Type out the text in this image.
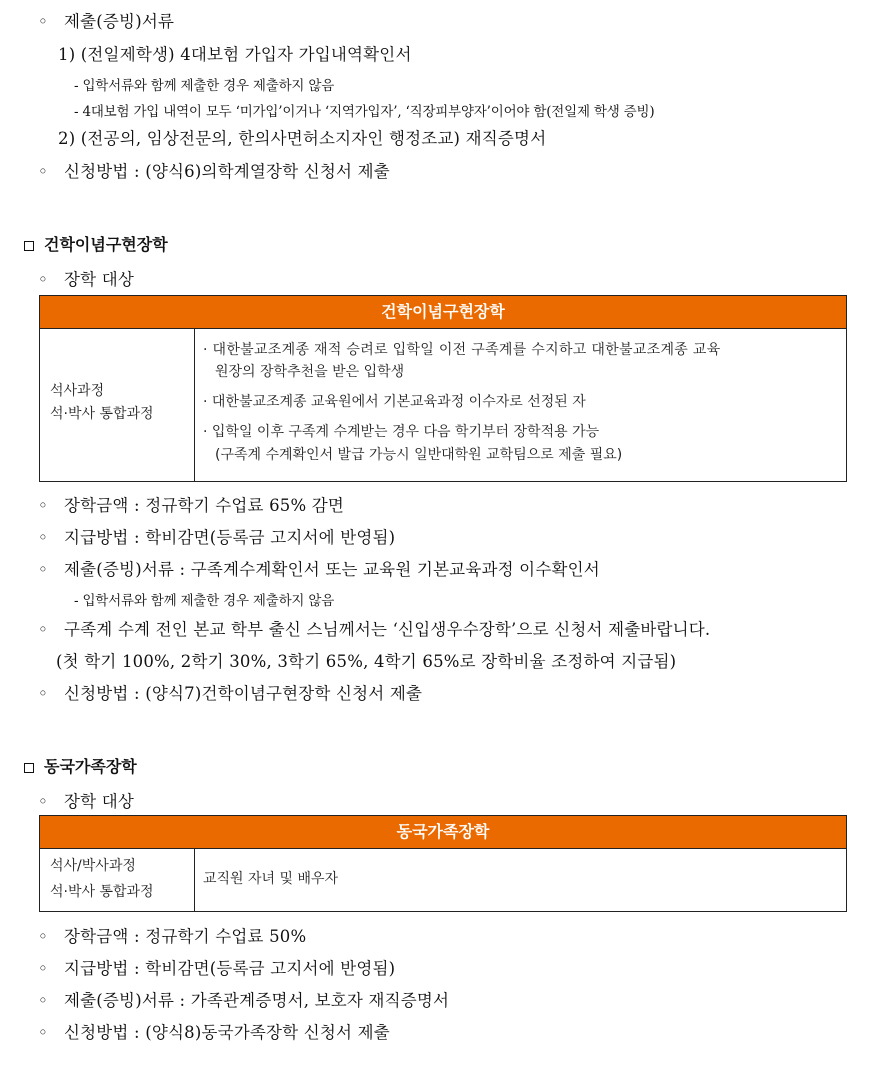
◦ 제출(증빙)서류
1) (전일제학생) 4대보험 가입자 가입내역확인서
- 입학서류와 함께 제출한 경우 제출하지 않음
- 4대보험 가입 내역이 모두 ‘미가입’이거나 ‘지역가입자’, ‘직장피부양자’이어야 함(전일제 학생 증빙)
2) (전공의, 임상전문의, 한의사면허소지자인 행정조교) 재직증명서
◦ 신청방법 : (양식6)의학계열장학 신청서 제출
건학이념구현장학
◦ 장학 대상
건학이념구현장학
석사과정
석·박사 통합과정
· 대한불교조계종 재적 승려로 입학일 이전 구족계를 수지하고 대한불교조계종 교육
원장의 장학추천을 받은 입학생
· 대한불교조계종 교육원에서 기본교육과정 이수자로 선정된 자
· 입학일 이후 구족계 수계받는 경우 다음 학기부터 장학적용 가능
(구족계 수계확인서 발급 가능시 일반대학원 교학팀으로 제출 필요)
◦ 장학금액 : 정규학기 수업료 65% 감면
◦ 지급방법 : 학비감면(등록금 고지서에 반영됨)
◦ 제출(증빙)서류 : 구족계수계확인서 또는 교육원 기본교육과정 이수확인서
- 입학서류와 함께 제출한 경우 제출하지 않음
◦ 구족계 수계 전인 본교 학부 출신 스님께서는 ‘신입생우수장학’으로 신청서 제출바랍니다.
(첫 학기 100%, 2학기 30%, 3학기 65%, 4학기 65%로 장학비율 조정하여 지급됨)
◦ 신청방법 : (양식7)건학이념구현장학 신청서 제출
동국가족장학
◦ 장학 대상
동국가족장학
석사/박사과정
석·박사 통합과정
교직원 자녀 및 배우자
◦ 장학금액 : 정규학기 수업료 50%
◦ 지급방법 : 학비감면(등록금 고지서에 반영됨)
◦ 제출(증빙)서류 : 가족관계증명서, 보호자 재직증명서
◦ 신청방법 : (양식8)동국가족장학 신청서 제출
